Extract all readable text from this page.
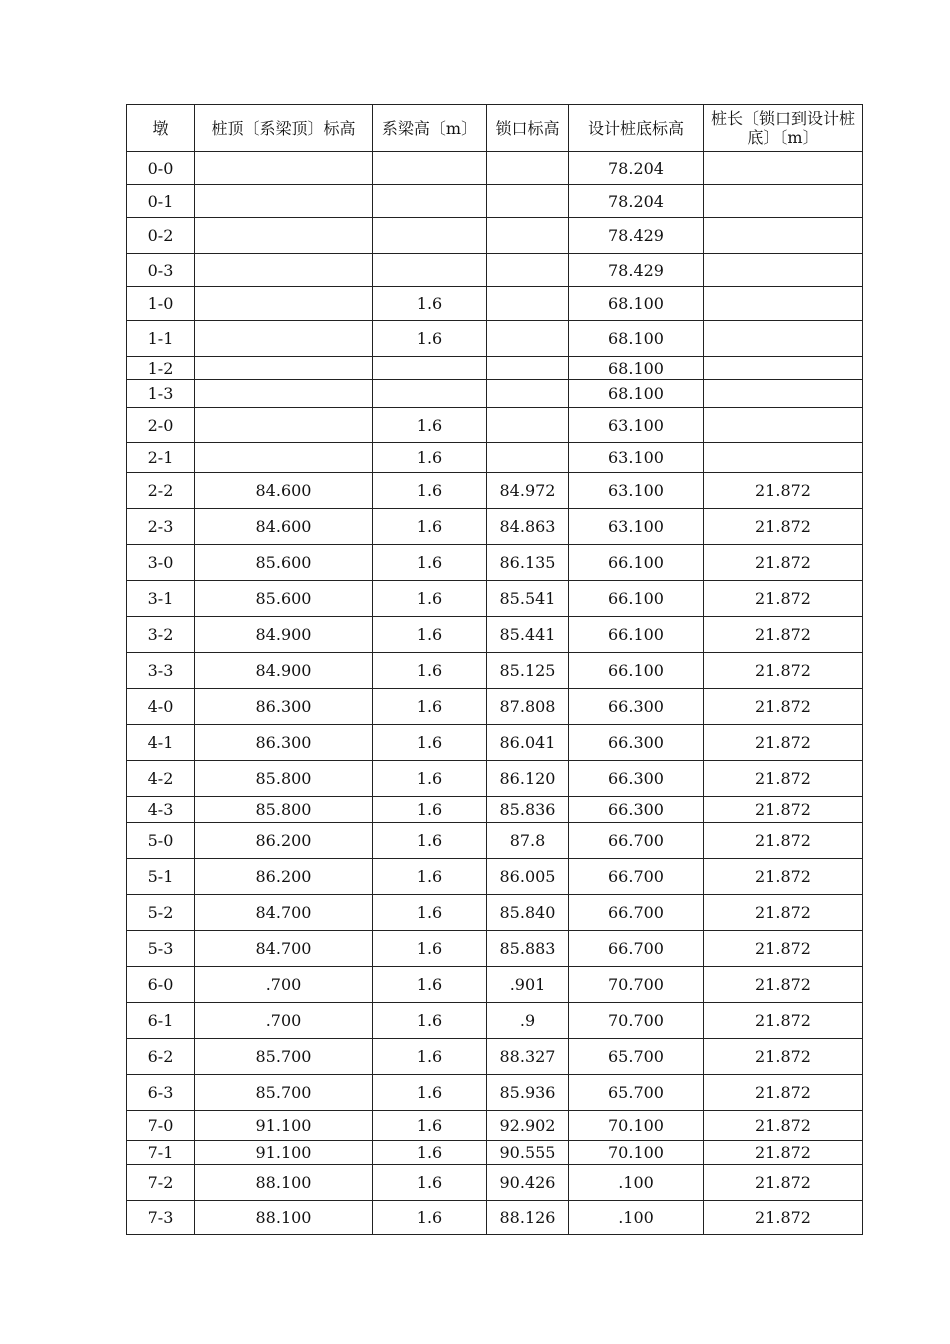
墩	桩顶〔系梁顶〕标高	系梁高〔m〕	锁口标高	设计桩底标高	桩长〔锁口到设计桩底〕〔m〕
0-0				78.204	
0-1				78.204	
0-2				78.429	
0-3				78.429	
1-0		1.6		68.100	
1-1		1.6		68.100	
1-2				68.100	
1-3				68.100	
2-0		1.6		63.100	
2-1		1.6		63.100	
2-2	84.600	1.6	84.972	63.100	21.872
2-3	84.600	1.6	84.863	63.100	21.872
3-0	85.600	1.6	86.135	66.100	21.872
3-1	85.600	1.6	85.541	66.100	21.872
3-2	84.900	1.6	85.441	66.100	21.872
3-3	84.900	1.6	85.125	66.100	21.872
4-0	86.300	1.6	87.808	66.300	21.872
4-1	86.300	1.6	86.041	66.300	21.872
4-2	85.800	1.6	86.120	66.300	21.872
4-3	85.800	1.6	85.836	66.300	21.872
5-0	86.200	1.6	87.8	66.700	21.872
5-1	86.200	1.6	86.005	66.700	21.872
5-2	84.700	1.6	85.840	66.700	21.872
5-3	84.700	1.6	85.883	66.700	21.872
6-0	.700	1.6	.901	70.700	21.872
6-1	.700	1.6	.9	70.700	21.872
6-2	85.700	1.6	88.327	65.700	21.872
6-3	85.700	1.6	85.936	65.700	21.872
7-0	91.100	1.6	92.902	70.100	21.872
7-1	91.100	1.6	90.555	70.100	21.872
7-2	88.100	1.6	90.426	.100	21.872
7-3	88.100	1.6	88.126	.100	21.872
